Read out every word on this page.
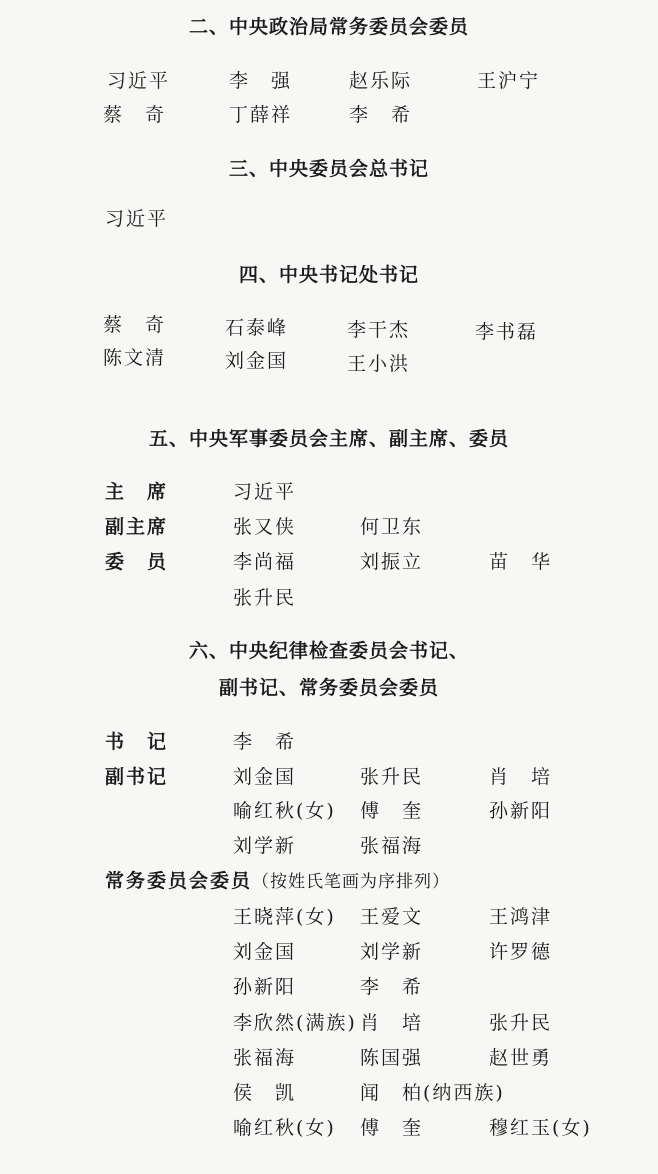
二、中央政治局常务委员会委员
习近平	李　强	赵乐际	王沪宁
蔡　奇	丁薛祥	李　希
三、中央委员会总书记
习近平
四、中央书记处书记
蔡　奇	石泰峰	李干杰	李书磊
陈文清	刘金国	王小洪
五、中央军事委员会主席、副主席、委员
主　席	习近平
副主席	张又侠	何卫东
委　员	李尚福	刘振立	苗　华
张升民
六、中央纪律检查委员会书记、
副书记、常务委员会委员
书　记	李　希
副书记	刘金国	张升民	肖　培
喻红秋(女) 傅　奎	孙新阳
刘学新	张福海
常务委员会委员（按姓氏笔画为序排列）
王晓萍(女) 王爱文	王鸿津
刘金国	刘学新	许罗德
孙新阳	李　希
李欣然(满族) 肖　培	张升民
张福海	陈国强	赵世勇
侯　凯	闻　柏(纳西族)
喻红秋(女) 傅　奎	穆红玉(女)
